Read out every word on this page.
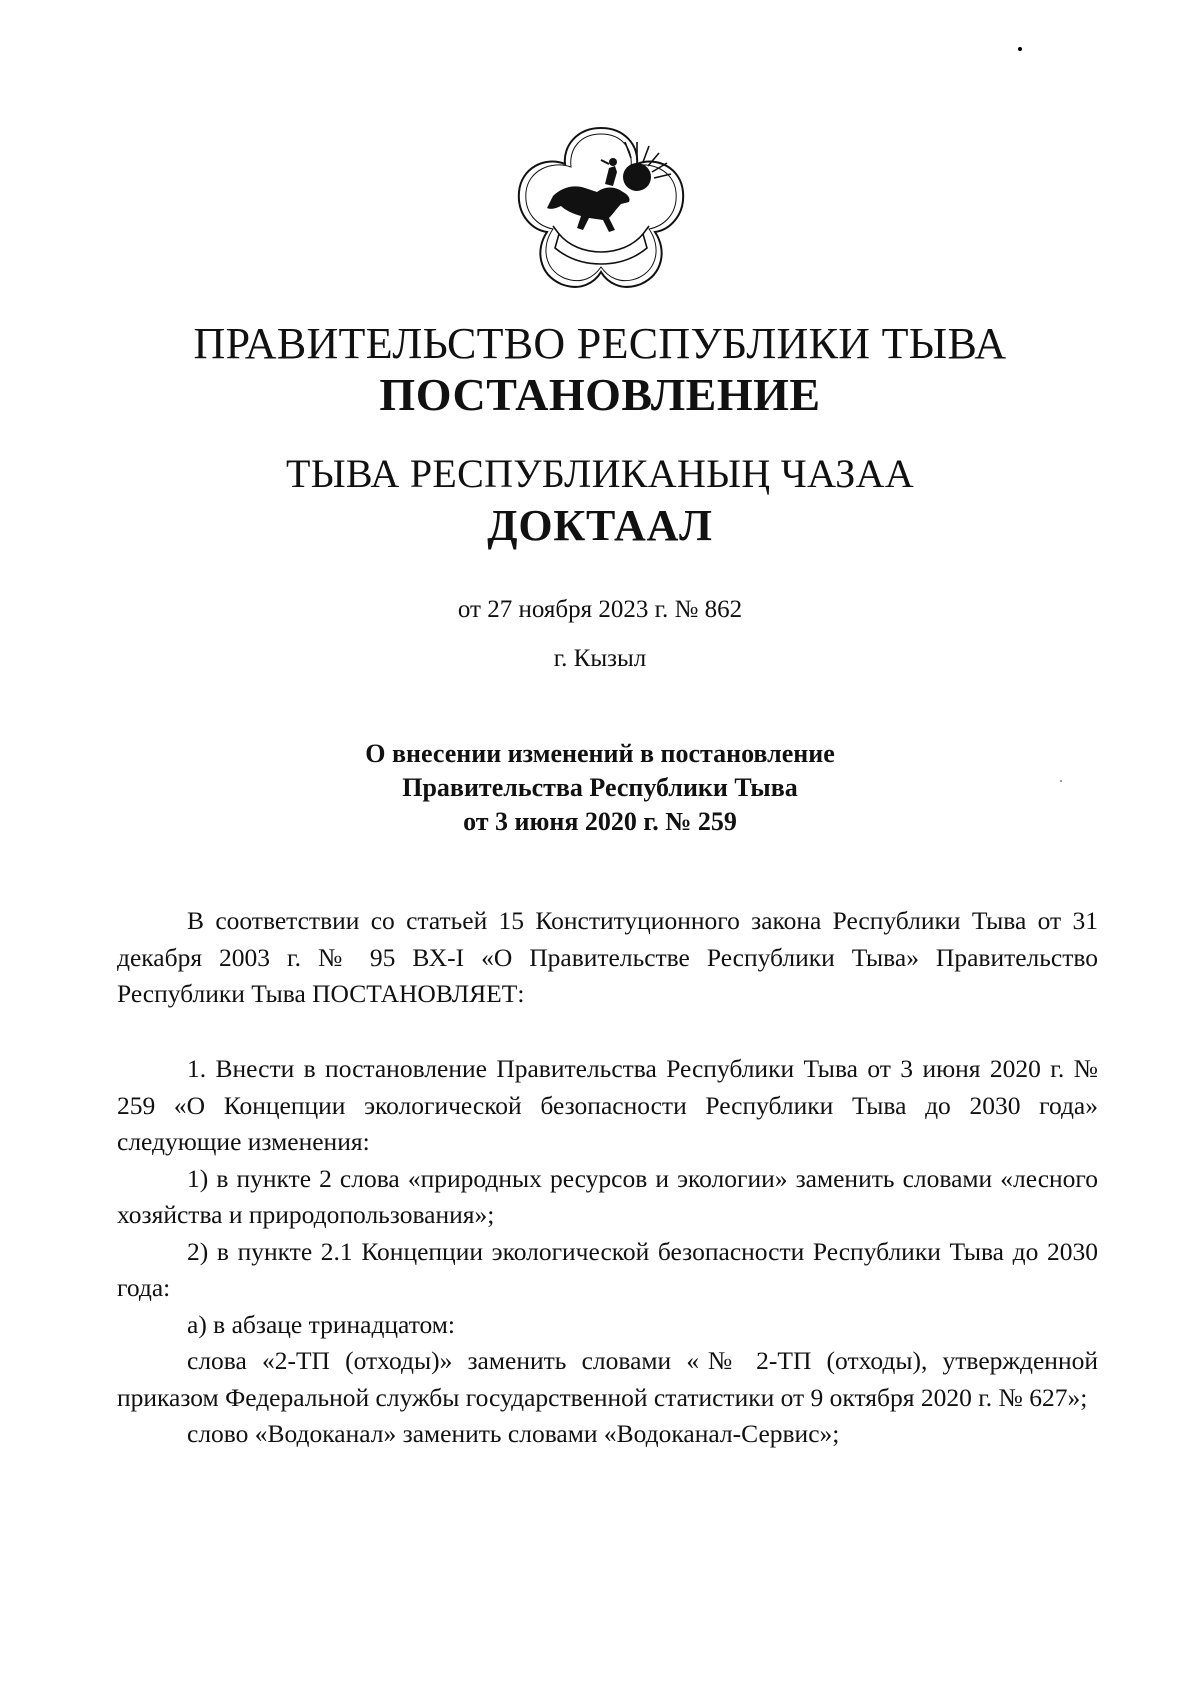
ПРАВИТЕЛЬСТВО РЕСПУБЛИКИ ТЫВА
ПОСТАНОВЛЕНИЕ
ТЫВА РЕСПУБЛИКАНЫҢ ЧАЗАА
ДОКТААЛ
от 27 ноября 2023 г. № 862
г. Кызыл
О внесении изменений в постановление
Правительства Республики Тыва
от 3 июня 2020 г. № 259

В соответствии со статьей 15 Конституционного закона Республики Тыва от 31 декабря 2003 г. № 95 ВХ-I «О Правительстве Республики Тыва» Правительство Республики Тыва ПОСТАНОВЛЯЕТ:

1. Внести в постановление Правительства Республики Тыва от 3 июня 2020 г. № 259 «О Концепции экологической безопасности Республики Тыва до 2030 года» следующие изменения:

1) в пункте 2 слова «природных ресурсов и экологии» заменить словами «лесного хозяйства и природопользования»;

2) в пункте 2.1 Концепции экологической безопасности Республики Тыва до 2030 года:

а) в абзаце тринадцатом:

слова «2-ТП (отходы)» заменить словами «№ 2-ТП (отходы), утвержденной приказом Федеральной службы государственной статистики от 9 октября 2020 г. № 627»;

слово «Водоканал» заменить словами «Водоканал-Сервис»;
